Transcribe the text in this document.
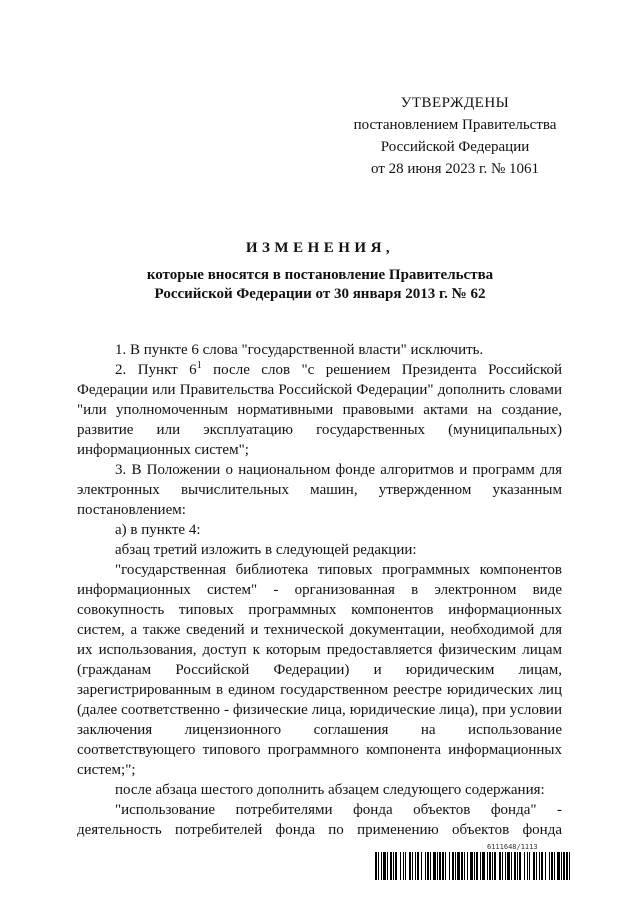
УТВЕРЖДЕНЫ
постановлением Правительства
Российской Федерации
от 28 июня 2023 г. № 1061
ИЗМЕНЕНИЯ,
которые вносятся в постановление Правительства
Российской Федерации от 30 января 2013 г. № 62

1. В пункте 6 слова "государственной власти" исключить.

2. Пункт $6^1$ после слов "с решением Президента Российской Федерации или Правительства Российской Федерации" дополнить словами "или уполномоченным нормативными правовыми актами на создание, развитие или эксплуатацию государственных (муниципальных) информационных систем";

3. В Положении о национальном фонде алгоритмов и программ для электронных вычислительных машин, утвержденном указанным постановлением:

а) в пункте 4:

абзац третий изложить в следующей редакции:

"государственная библиотека типовых программных компонентов информационных систем" - организованная в электронном виде совокупность типовых программных компонентов информационных систем, а также сведений и технической документации, необходимой для их использования, доступ к которым предоставляется физическим лицам (гражданам Российской Федерации) и юридическим лицам, зарегистрированным в едином государственном реестре юридических лиц (далее соответственно - физические лица, юридические лица), при условии заключения лицензионного соглашения на использование соответствующего типового программного компонента информационных систем;";

после абзаца шестого дополнить абзацем следующего содержания:

"использование потребителями фонда объектов фонда" - деятельность потребителей фонда по применению объектов фонда

6111648/1113
